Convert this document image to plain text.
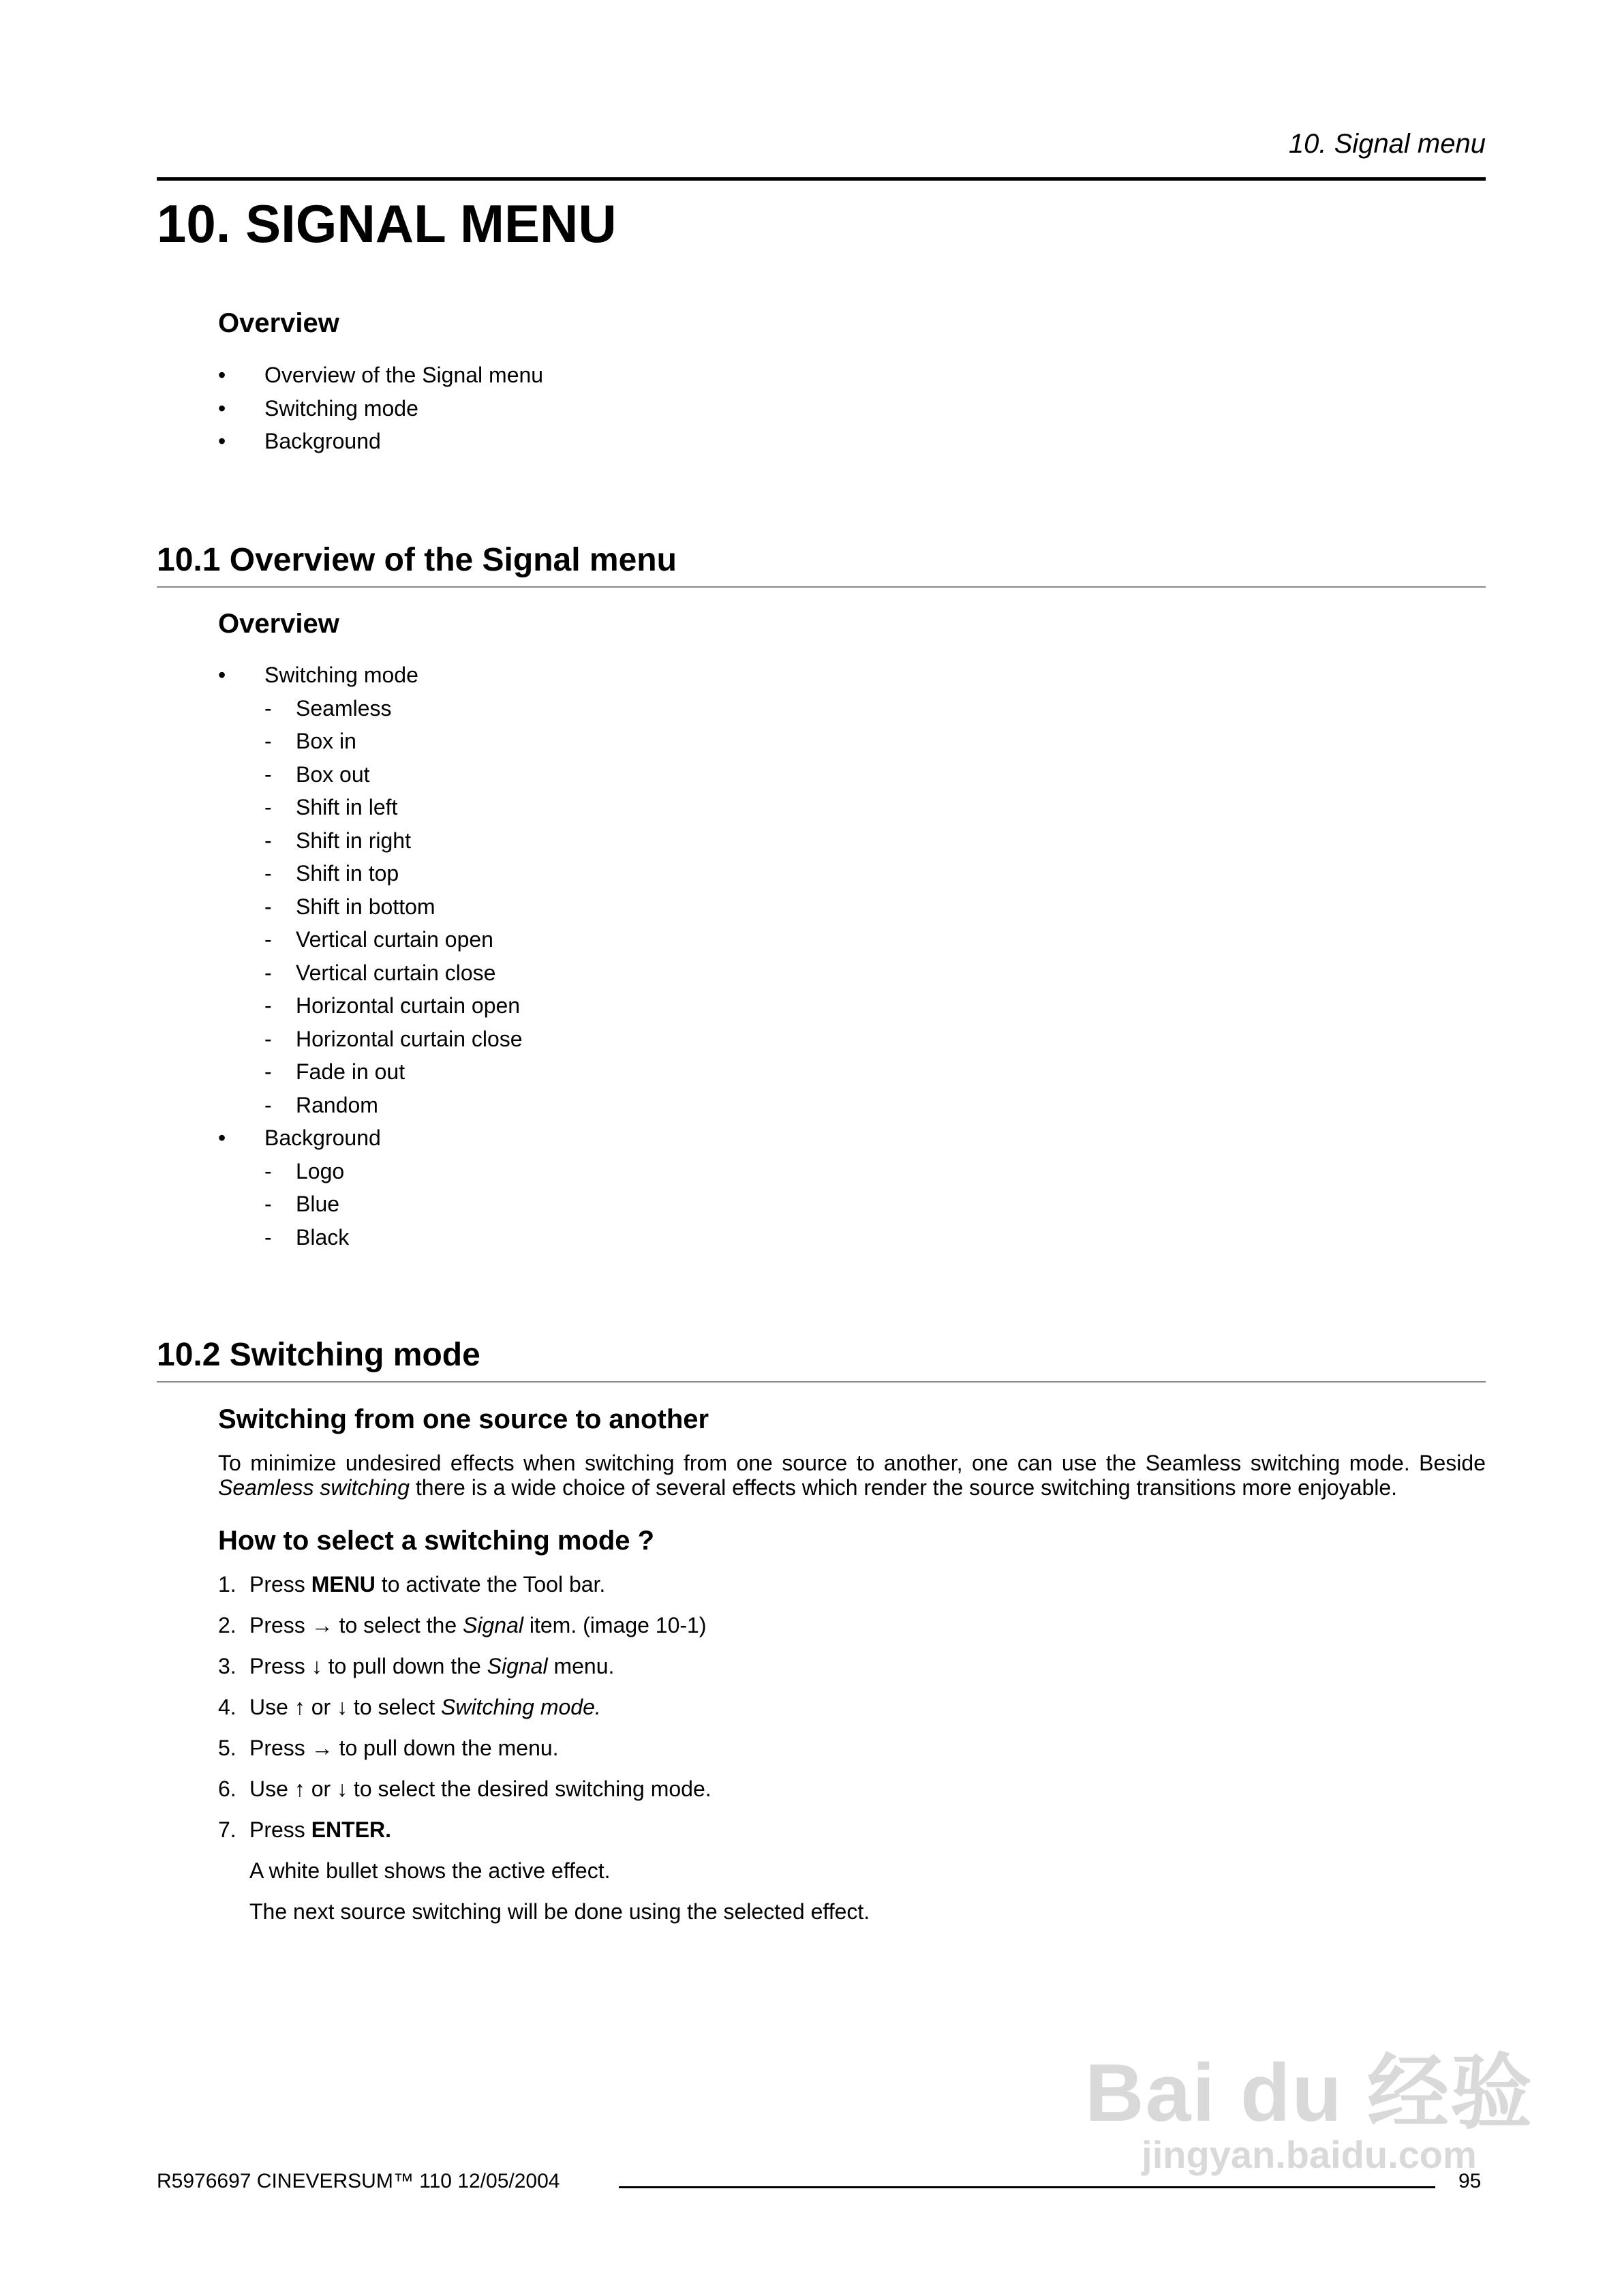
10. Signal menu
10. SIGNAL MENU
Overview
• Overview of the Signal menu
• Switching mode
• Background
10.1 Overview of the Signal menu
Overview
• Switching mode
- Seamless
- Box in
- Box out
- Shift in left
- Shift in right
- Shift in top
- Shift in bottom
- Vertical curtain open
- Vertical curtain close
- Horizontal curtain open
- Horizontal curtain close
- Fade in out
- Random
• Background
- Logo
- Blue
- Black
10.2 Switching mode
Switching from one source to another

To minimize undesired effects when switching from one source to another, one can use the Seamless switching mode. Beside Seamless switching there is a wide choice of several effects which render the source switching transitions more enjoyable.

How to select a switching mode ?
1. Press MENU to activate the Tool bar.
2. Press → to select the Signal item. (image 10-1)
3. Press ↓ to pull down the Signal menu.
4. Use ↑ or ↓ to select Switching mode.
5. Press → to pull down the menu.
6. Use ↑ or ↓ to select the desired switching mode.
7. Press ENTER.
A white bullet shows the active effect.
The next source switching will be done using the selected effect.
R5976697 CINEVERSUM™ 110 12/05/2004	95
Bai du 经验
jingyan.baidu.com
